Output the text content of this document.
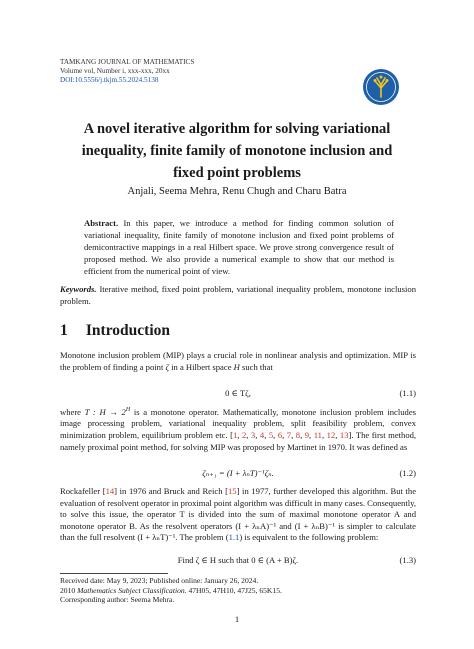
TAMKANG JOURNAL OF MATHEMATICS
Volume vol, Number i, xxx-xxx, 20xx
DOI:10.5556/j.tkjm.55.2024.5138
A novel iterative algorithm for solving variational
inequality, finite family of monotone inclusion and
fixed point problems
Anjali, Seema Mehra, Renu Chugh and Charu Batra
Abstract. In this paper, we introduce a method for finding common solution of variational inequality, finite family of monotone inclusion and fixed point problems of demicontractive mappings in a real Hilbert space. We prove strong convergence result of proposed method. We also provide a numerical example to show that our method is efficient from the numerical point of view.
Keywords. Iterative method, fixed point problem, variational inequality problem, monotone inclusion problem.
1 Introduction
Monotone inclusion problem (MIP) plays a crucial role in nonlinear analysis and optimization. MIP is the problem of finding a point ζ in a Hilbert space H such that
0 ∈ Tζ,	(1.1)
where T : $H \to 2^H$ is a monotone operator. Mathematically, monotone inclusion problem includes image processing problem, variational inequality problem, split feasibility problem, convex minimization problem, equilibrium problem etc. [1, 2, 3, 4, 5, 6, 7, 8, 9, 11, 12, 13]. The first method, namely proximal point method, for solving MIP was proposed by Martinet in 1970. It was defined as
ζₙ₊₁ = (I + λₙT)⁻¹ζₙ.	(1.2)
Rockafeller [14] in 1976 and Bruck and Reich [15] in 1977, further developed this algorithm. But the evaluation of resolvent operator in proximal point algorithm was difficult in many cases. Consequently, to solve this issue, the operator T is divided into the sum of maximal monotone operator A and monotone operator B. As the resolvent operators (I + λₙA)⁻¹ and (I + λₙB)⁻¹ is simpler to calculate than the full resolvent (I + λₙT)⁻¹. The problem (1.1) is equivalent to the following problem:
Find ζ ∈ H such that 0 ∈ (A + B)ζ.	(1.3)
Received date: May 9, 2023; Published online: January 26, 2024.
2010 Mathematics Subject Classification. 47H05, 47H10, 47J25, 65K15.
Corresponding author: Seema Mehra.
1
